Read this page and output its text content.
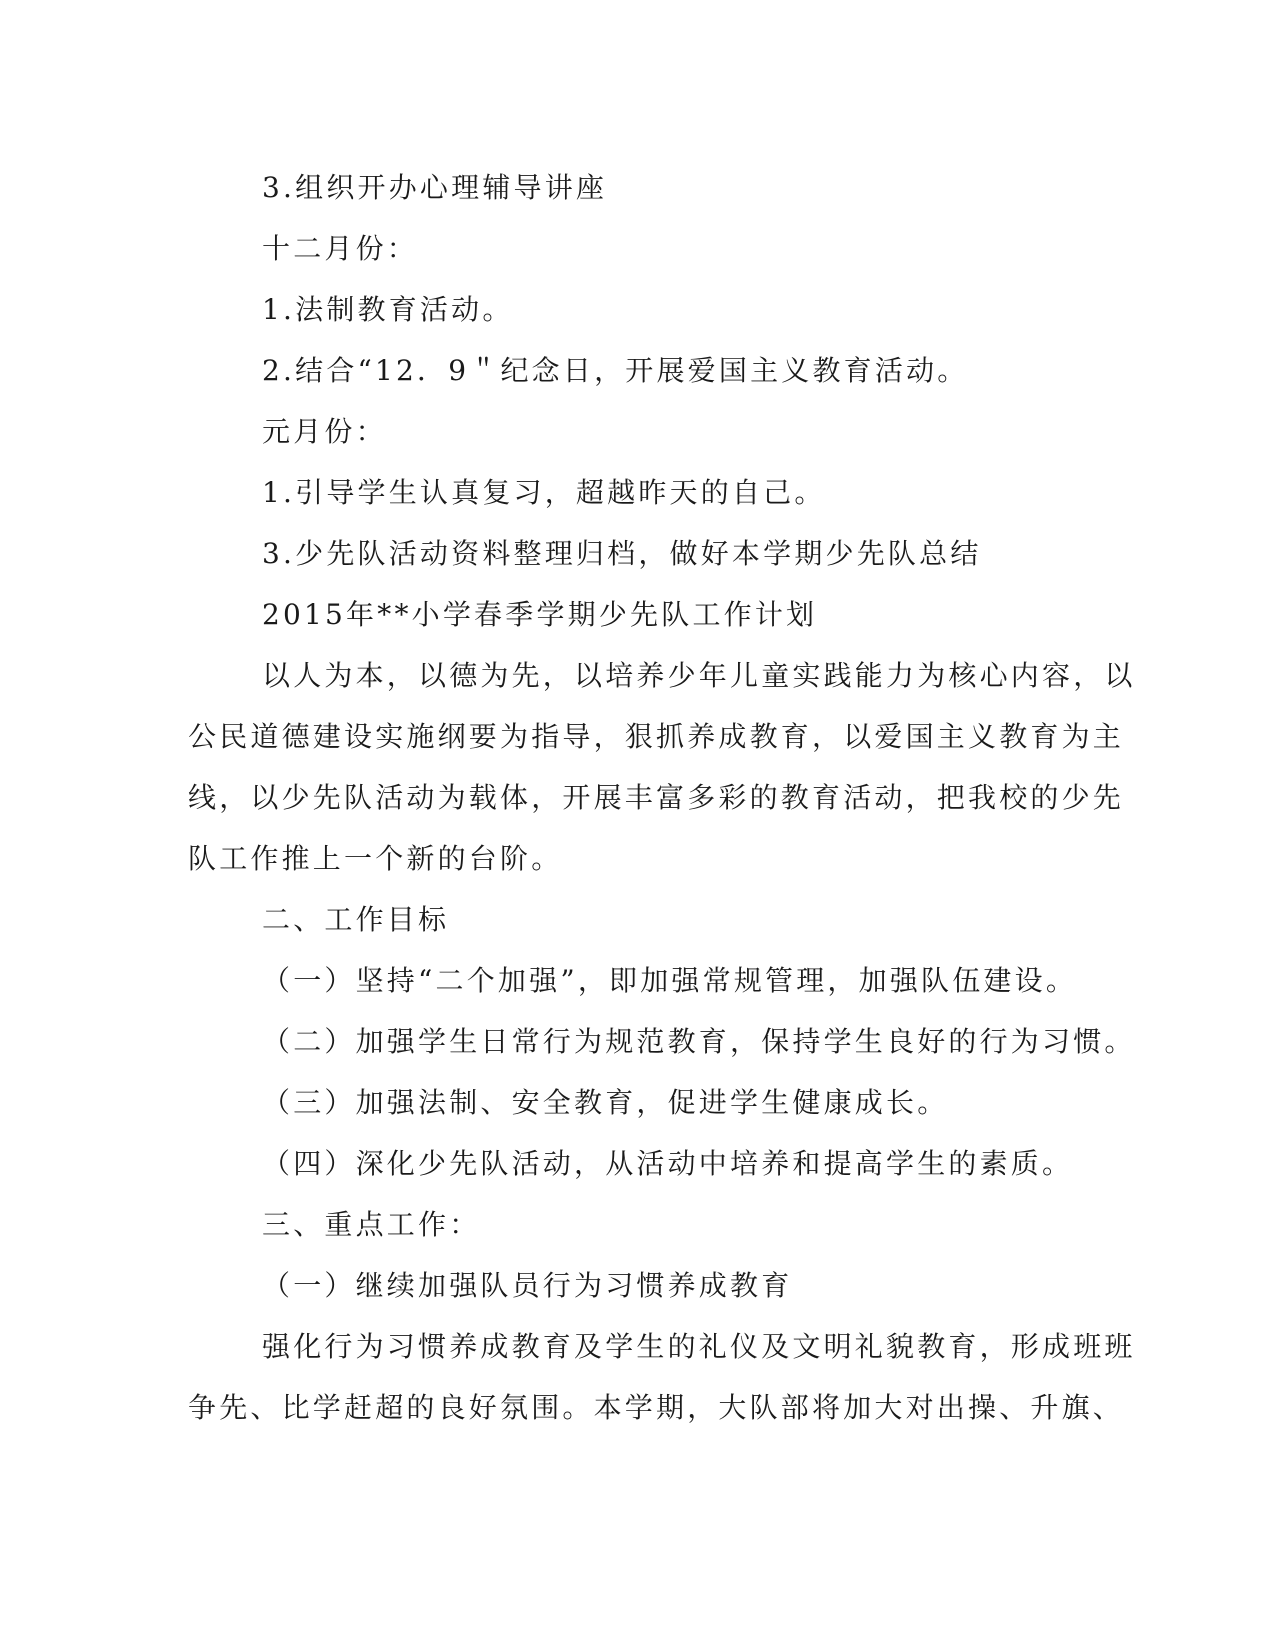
3.组织开办心理辅导讲座
十二月份：
1.法制教育活动。
2.结合“12．9＂纪念日，开展爱国主义教育活动。
元月份：
1.引导学生认真复习，超越昨天的自己。
3.少先队活动资料整理归档，做好本学期少先队总结
2015年**小学春季学期少先队工作计划
以人为本，以德为先，以培养少年儿童实践能力为核心内容，以
公民道德建设实施纲要为指导，狠抓养成教育，以爱国主义教育为主
线，以少先队活动为载体，开展丰富多彩的教育活动，把我校的少先
队工作推上一个新的台阶。
二、工作目标
（一）坚持“二个加强”，即加强常规管理，加强队伍建设。
（二）加强学生日常行为规范教育，保持学生良好的行为习惯。
（三）加强法制、安全教育，促进学生健康成长。
（四）深化少先队活动，从活动中培养和提高学生的素质。
三、重点工作：
（一）继续加强队员行为习惯养成教育
强化行为习惯养成教育及学生的礼仪及文明礼貌教育，形成班班
争先、比学赶超的良好氛围。本学期，大队部将加大对出操、升旗、
